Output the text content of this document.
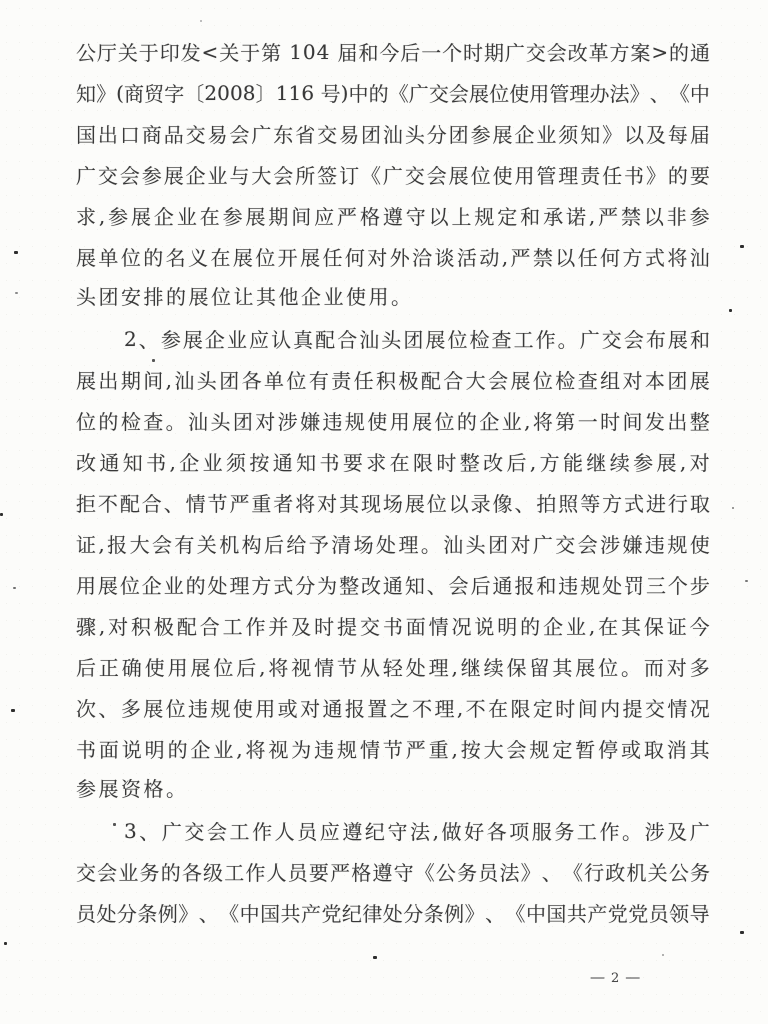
公 厅 关 于 印 发 < 关 于 第
1 0 4
届 和 今 后 一 个 时 期 广 交 会 改 革 方 案 > 的 通
知 》 ( 商 贸 字 〔 2 0 0 8 〕 1 1 6
号 ) 中 的 《 广 交 会 展 位 使 用 管 理 办 法 》 、 《 中
国 出 口 商 品 交 易 会 广 东 省 交 易 团 汕 头 分 团 参 展 企 业 须 知 》 以 及 每 届
广 交 会 参 展 企 业 与 大 会 所 签 订 《 广 交 会 展 位 使 用 管 理 责 任 书 》 的 要
求 , 参 展 企 业 在 参 展 期 间 应 严 格 遵 守 以 上 规 定 和 承 诺 , 严 禁 以 非 参
展 单 位 的 名 义 在 展 位 开 展 任 何 对 外 洽 谈 活 动 , 严 禁 以 任 何 方 式 将 汕
头团安排的展位让其他企业使用。
2 、 参 展 企 业 应 认 真 配 合 汕 头 团 展 位 检 查 工 作 。 广 交 会 布 展 和
展 出 期 间 , 汕 头 团 各 单 位 有 责 任 积 极 配 合 大 会 展 位 检 查 组 对 本 团 展
位 的 检 查 。 汕 头 团 对 涉 嫌 违 规 使 用 展 位 的 企 业 , 将 第 一 时 间 发 出 整
改 通 知 书 , 企 业 须 按 通 知 书 要 求 在 限 时 整 改 后 , 方 能 继 续 参 展 , 对
拒 不 配 合 、 情 节 严 重 者 将 对 其 现 场 展 位 以 录 像 、 拍 照 等 方 式 进 行 取
证 , 报 大 会 有 关 机 构 后 给 予 清 场 处 理 。 汕 头 团 对 广 交 会 涉 嫌 违 规 使
用 展 位 企 业 的 处 理 方 式 分 为 整 改 通 知 、 会 后 通 报 和 违 规 处 罚 三 个 步
骤 , 对 积 极 配 合 工 作 并 及 时 提 交 书 面 情 况 说 明 的 企 业 , 在 其 保 证 今
后 正 确 使 用 展 位 后 , 将 视 情 节 从 轻 处 理 , 继 续 保 留 其 展 位 。 而 对 多
次 、 多 展 位 违 规 使 用 或 对 通 报 置 之 不 理 , 不 在 限 定 时 间 内 提 交 情 况
书 面 说 明 的 企 业 , 将 视 为 违 规 情 节 严 重 , 按 大 会 规 定 暂 停 或 取 消 其
参展资格。
3 、 广 交 会 工 作 人 员 应 遵 纪 守 法 , 做 好 各 项 服 务 工 作 。 涉 及 广
交 会 业 务 的 各 级 工 作 人 员 要 严 格 遵 守 《 公 务 员 法 》 、 《 行 政 机 关 公 务
员 处 分 条 例 》 、 《 中 国 共 产 党 纪 律 处 分 条 例 》 、 《 中 国 共 产 党 党 员 领 导
— 2 —
